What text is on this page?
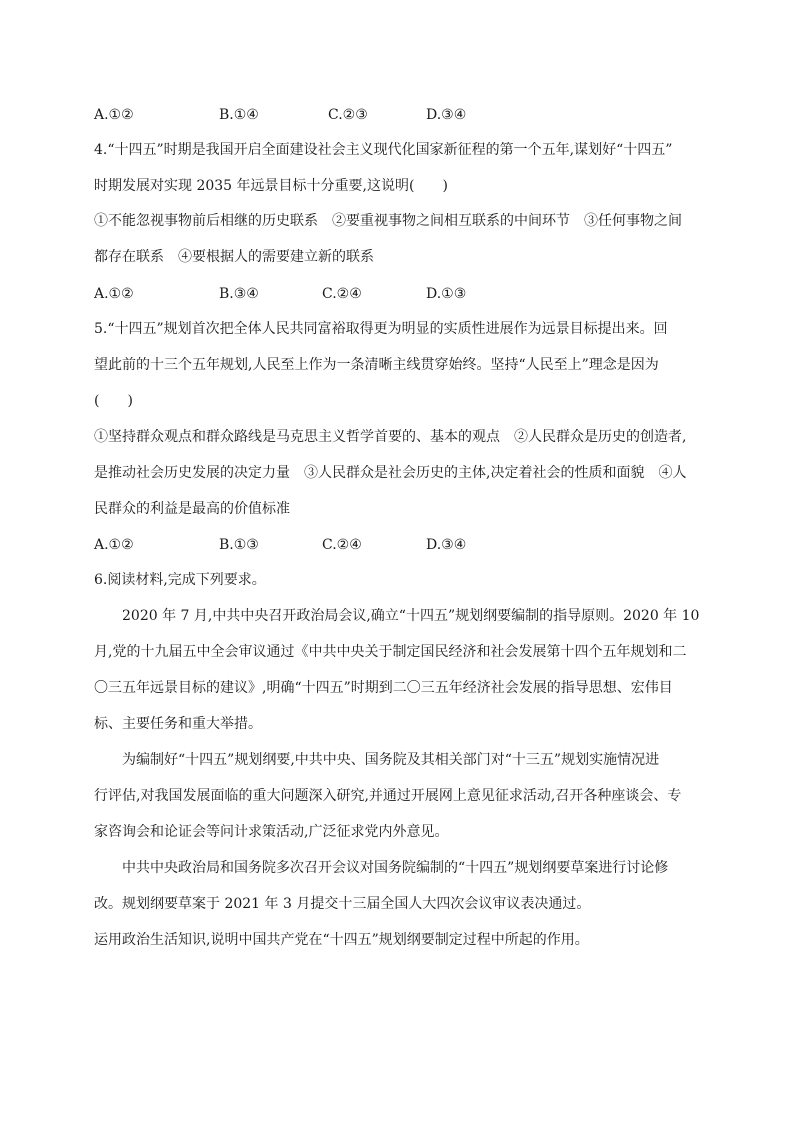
A.①②	B.①④	C.②③	D.③④
4.“十四五”时期是我国开启全面建设社会主义现代化国家新征程的第一个五年,谋划好“十四五”
时期发展对实现 2035 年远景目标十分重要,这说明(　　)
①不能忽视事物前后相继的历史联系　②要重视事物之间相互联系的中间环节　③任何事物之间
都存在联系　④要根据人的需要建立新的联系
A.①②	B.③④	C.②④	D.①③
5.“十四五”规划首次把全体人民共同富裕取得更为明显的实质性进展作为远景目标提出来。回
望此前的十三个五年规划,人民至上作为一条清晰主线贯穿始终。坚持“人民至上”理念是因为
(　　)
①坚持群众观点和群众路线是马克思主义哲学首要的、基本的观点　②人民群众是历史的创造者,
是推动社会历史发展的决定力量　③人民群众是社会历史的主体,决定着社会的性质和面貌　④人
民群众的利益是最高的价值标准
A.①②	B.①③	C.②④	D.③④
6.阅读材料,完成下列要求。
2020 年 7 月,中共中央召开政治局会议,确立“十四五”规划纲要编制的指导原则。2020 年 10
月,党的十九届五中全会审议通过《中共中央关于制定国民经济和社会发展第十四个五年规划和二
〇三五年远景目标的建议》,明确“十四五”时期到二〇三五年经济社会发展的指导思想、宏伟目
标、主要任务和重大举措。
为编制好“十四五”规划纲要,中共中央、国务院及其相关部门对“十三五”规划实施情况进
行评估,对我国发展面临的重大问题深入研究,并通过开展网上意见征求活动,召开各种座谈会、专
家咨询会和论证会等问计求策活动,广泛征求党内外意见。
中共中央政治局和国务院多次召开会议对国务院编制的“十四五”规划纲要草案进行讨论修
改。规划纲要草案于 2021 年 3 月提交十三届全国人大四次会议审议表决通过。
运用政治生活知识,说明中国共产党在“十四五”规划纲要制定过程中所起的作用。
